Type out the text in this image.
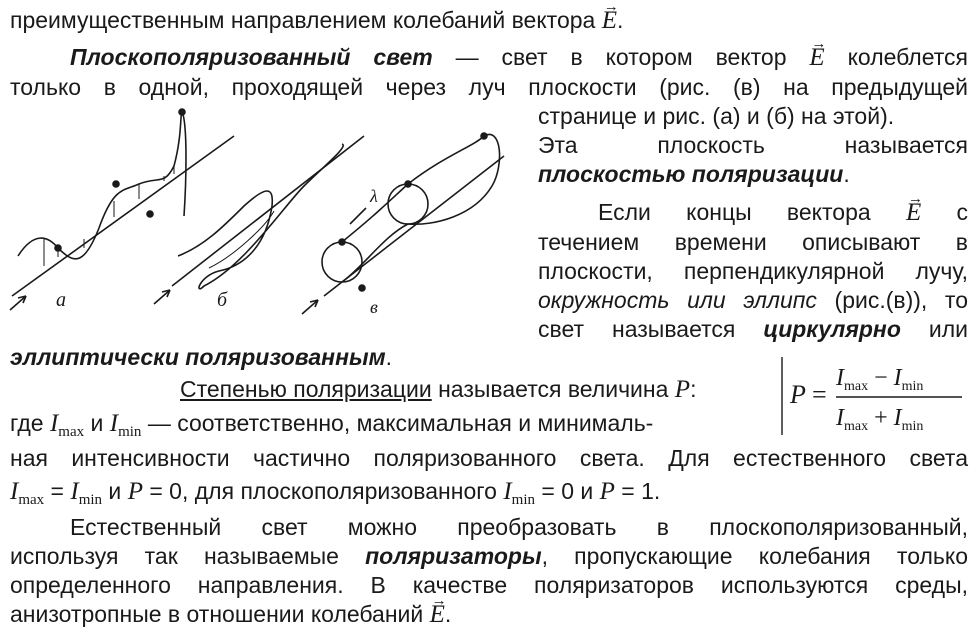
преимущественным направлением колебаний вектора → E.
Плоскополяризованный свет — свет в котором вектор → E колеблется
только в одной, проходящей через луч плоскости (рис. (в) на предыдущей
странице и рис. (а) и (б) на этой).
Эта плоскость называется
плоскостью поляризации.
Если концы вектора → E с
течением времени описывают в
плоскости, перпендикулярной лучу,
окружность или эллипс (рис.(в)), то
свет называется циркулярно или
эллиптически поляризованным.
Степенью поляризации называется величина P:	P =
$I_{max} - I_{min}$
$I_{max} + I_{min}$
где $I_{max}$ и $I_{min}$ — соответственно, максимальная и минималь-
ная интенсивности частично поляризованного света. Для естественного света
$I_{max} = I_{min}$ и P = 0, для плоскополяризованного $I_{min} = 0$ и P = 1.
Естественный свет можно преобразовать в плоскополяризованный,
используя так называемые поляризаторы, пропускающие колебания только
определенного направления. В качестве поляризаторов используются среды,
анизотропные в отношении колебаний → E.
а	б
λ
в
